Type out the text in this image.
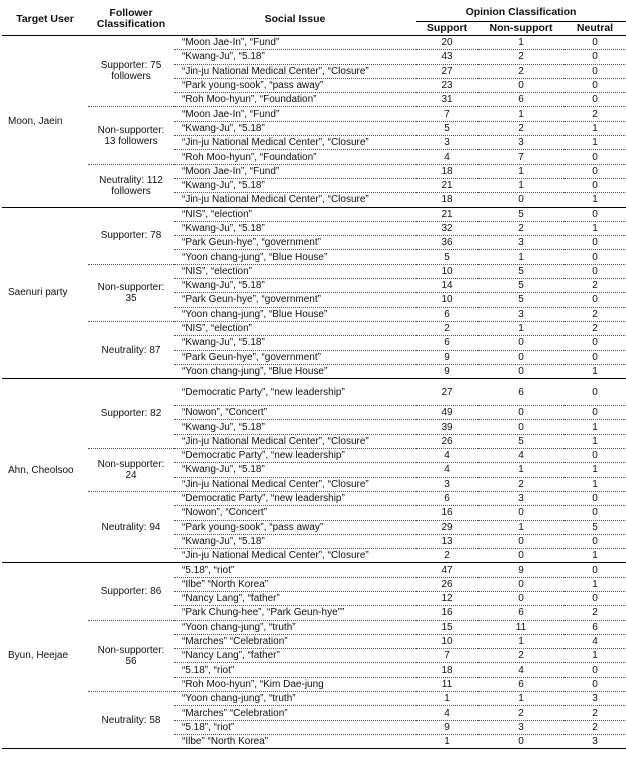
Target User	Follower Classification	Social Issue	Opinion Classification		
			Support	Non-support	Neutral
Moon, Jaein	Supporter: 75 followers	“Moon Jae-In”, “Fund”	20	1	0
		“Kwang-Ju”, “5.18”	43	2	0
		“Jin-ju National Medical Center”, “Closure”	27	2	0
		“Park young-sook”, “pass away”	23	0	0
		“Roh Moo-hyun”, “Foundation”	31	6	0
	Non-supporter: 13 followers	“Moon Jae-In”, “Fund”	7	1	2
		“Kwang-Ju”, “5.18”	5	2	1
		“Jin-ju National Medical Center”, “Closure”	3	3	1
		“Roh Moo-hyun”, “Foundation”	4	7	0
	Neutrality: 112 followers	“Moon Jae-In”, “Fund”	18	1	0
		“Kwang-Ju”, “5.18”	21	1	0
		“Jin-ju National Medical Center”, “Closure”	18	0	1
Saenuri party	Supporter: 78	“NIS”, “election”	21	5	0
		“Kwang-Ju”, “5.18”	32	2	1
		“Park Geun-hye”, “government”	36	3	0
		“Yoon chang-jung”, “Blue House”	5	1	0
	Non-supporter: 35	“NIS”, “election”	10	5	0
		“Kwang-Ju”, “5.18”	14	5	2
		“Park Geun-hye”, “government”	10	5	0
		“Yoon chang-jung”, “Blue House”	6	3	2
	Neutrality: 87	“NIS”, “election”	2	1	2
		“Kwang-Ju”, “5.18”	6	0	0
		“Park Geun-hye”, “government”	9	0	0
		“Yoon chang-jung”, “Blue House”	9	0	1
Ahn, Cheolsoo	Supporter: 82	“Democratic Party”, “new leadership”	27	6	0
		“Nowon”, “Concert”	49	0	0
		“Kwang-Ju”, “5.18”	39	0	1
		“Jin-ju National Medical Center”, “Closure”	26	5	1
	Non-supporter: 24	“Democratic Party”, “new leadership”	4	4	0
		“Kwang-Ju”, “5.18”	4	1	1
		“Jin-ju National Medical Center”, “Closure”	3	2	1
	Neutrality: 94	“Democratic Party”, “new leadership”	6	3	0
		“Nowon”, “Concert”	16	0	0
		“Park young-sook”, “pass away”	29	1	5
		“Kwang-Ju”, “5.18”	13	0	0
		“Jin-ju National Medical Center”, “Closure”	2	0	1
Byun, Heejae	Supporter: 86	“5.18”, “riot”	47	9	0
		“Ilbe” “North Korea”	26	0	1
		“Nancy Lang”, “father”	12	0	0
		“Park Chung-hee”, “Park Geun-hye””	16	6	2
	Non-supporter: 56	“Yoon chang-jung”, “truth”	15	11	6
		“Marches” “Celebration”	10	1	4
		“Nancy Lang”, “father”	7	2	1
		“5.18”, “riot”	18	4	0
		“Roh Moo-hyun”, “Kim Dae-jung	11	6	0
	Neutrality: 58	“Yoon chang-jung”, “truth”	1	1	3
		“Marches” “Celebration”	4	2	2
		“5.18”, “riot”	9	3	2
		“Ilbe” “North Korea”	1	0	3
